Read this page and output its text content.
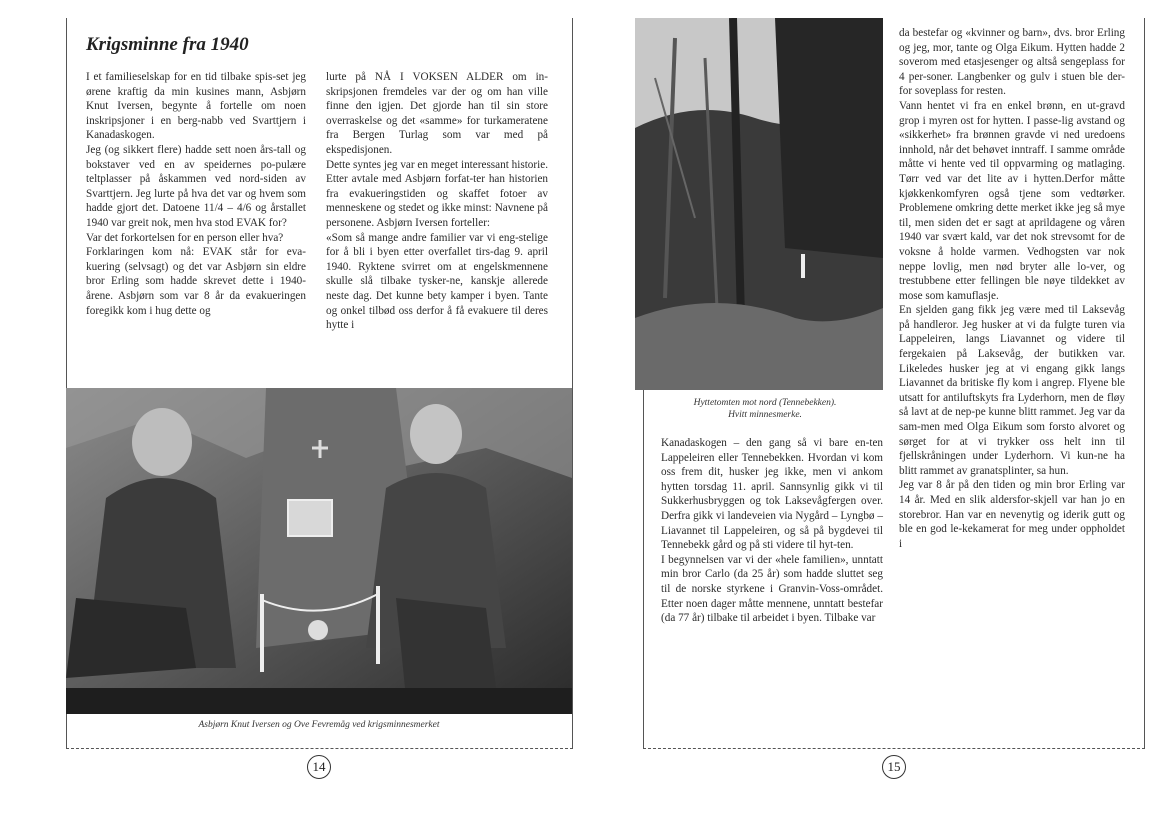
Krigsminne fra 1940

I et familieselskap for en tid tilbake spis-set jeg ørene kraftig da min kusines mann, Asbjørn Knut Iversen, begynte å fortelle om noen inskripsjoner i en berg-nabb ved Svarttjern i Kanadaskogen.

Jeg (og sikkert flere) hadde sett noen års-tall og bokstaver ved en av speidernes po-pulære teltplasser på åskammen ved nord-siden av Svarttjern. Jeg lurte på hva det var og hvem som hadde gjort det. Datoene 11/4 – 4/6 og årstallet 1940 var greit nok, men hva stod EVAK for?

Var det forkortelsen for en person eller hva?

Forklaringen kom nå: EVAK står for eva-kuering (selvsagt) og det var Asbjørn sin eldre bror Erling som hadde skrevet dette i 1940-årene. Asbjørn som var 8 år da evakueringen foregikk kom i hug dette og

lurte på NÅ I VOKSEN ALDER om in-skripsjonen fremdeles var der og om han ville finne den igjen. Det gjorde han til sin store overraskelse og det «samme» for turkameratene fra Bergen Turlag som var med på ekspedisjonen.

Dette syntes jeg var en meget interessant historie. Etter avtale med Asbjørn forfat-ter han historien fra evakueringstiden og skaffet fotoer av menneskene og stedet og ikke minst: Navnene på personene. Asbjørn Iversen forteller:

«Som så mange andre familier var vi eng-stelige for å bli i byen etter overfallet tirs-dag 9. april 1940. Ryktene svirret om at engelskmennene skulle slå tilbake tysker-ne, kanskje allerede neste dag. Det kunne bety kamper i byen. Tante og onkel tilbød oss derfor å få evakuere til deres hytte i

Asbjørn Knut Iversen og Ove Fevremåg ved krigsminnesmerket
14
Hyttetomten mot nord (Tennebekken).
Hvitt minnesmerke.

Kanadaskogen – den gang så vi bare en-ten Lappeleiren eller Tennebekken. Hvordan vi kom oss frem dit, husker jeg ikke, men vi ankom hytten torsdag 11. april. Sannsynlig gikk vi til Sukkerhusbryggen og tok Laksevågfergen over. Derfra gikk vi landeveien via Nygård – Lyngbø – Liavannet til Lappeleiren, og så på bygdevei til Tennebekk gård og på sti videre til hyt-ten.

I begynnelsen var vi der «hele familien», unntatt min bror Carlo (da 25 år) som hadde sluttet seg til de norske styrkene i Granvin-Voss-området. Etter noen dager måtte mennene, unntatt bestefar (da 77 år) tilbake til arbeidet i byen. Tilbake var

da bestefar og «kvinner og barn», dvs. bror Erling og jeg, mor, tante og Olga Eikum. Hytten hadde 2 soverom med etasjesenger og altså sengeplass for 4 per-soner. Langbenker og gulv i stuen ble der-for soveplass for resten.

Vann hentet vi fra en enkel brønn, en ut-gravd grop i myren ost for hytten. I passe-lig avstand og «sikkerhet» fra brønnen gravde vi ned uredoens innhold, når det behøvet inntraff. I samme område måtte vi hente ved til oppvarming og matlaging. Tørr ved var det lite av i hytten.Derfor måtte kjøkkenkomfyren også tjene som vedtørker. Problemene omkring dette merket ikke jeg så mye til, men siden det er sagt at aprildagene og våren 1940 var svært kald, var det nok strevsomt for de voksne å holde varmen. Vedhogsten var nok neppe lovlig, men nød bryter alle lo-ver, og trestubbene etter fellingen ble nøye tildekket av mose som kamuflasje.

En sjelden gang fikk jeg være med til Laksevåg på handleror. Jeg husker at vi da fulgte turen via Lappeleiren, langs Liavannet og videre til fergekaien på Laksevåg, der butikken var. Likeledes husker jeg at vi engang gikk langs Liavannet da britiske fly kom i angrep. Flyene ble utsatt for antiluftskyts fra Lyderhorn, men de fløy så lavt at de nep-pe kunne blitt rammet. Jeg var da sam-men med Olga Eikum som forsto alvoret og sørget for at vi trykker oss helt inn til fjellskråningen under Lyderhorn. Vi kun-ne ha blitt rammet av granatsplinter, sa hun.

Jeg var 8 år på den tiden og min bror Erling var 14 år. Med en slik aldersfor-skjell var han jo en storebror. Han var en nevenytig og iderik gutt og ble en god le-kekamerat for meg under oppholdet i

15
